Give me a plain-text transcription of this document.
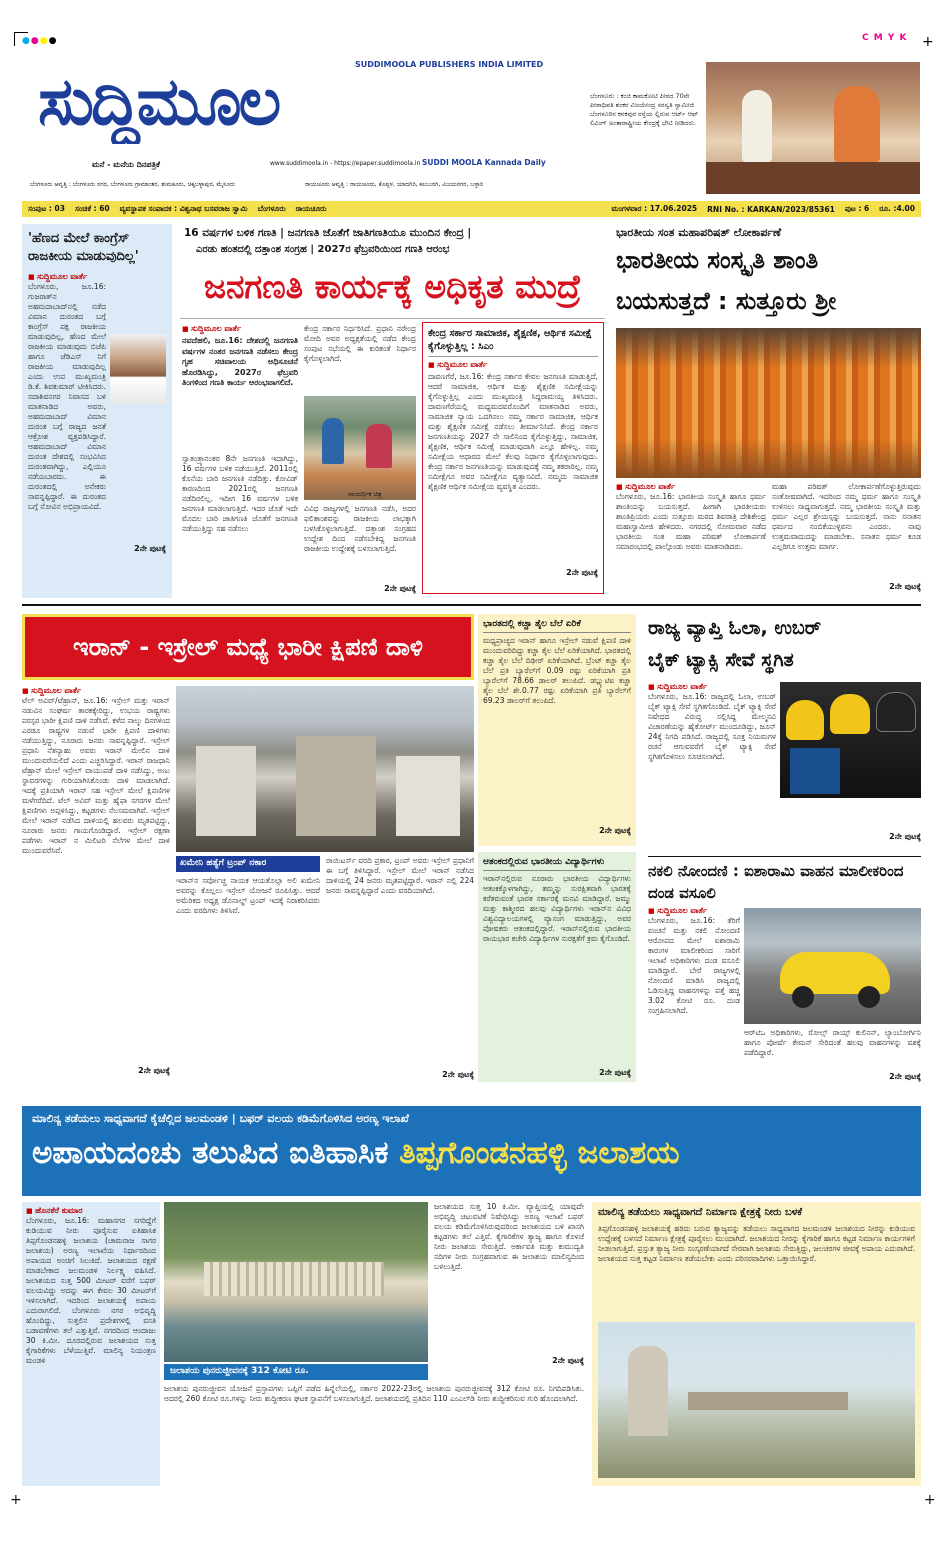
●●●●	C M Y K +
SUDDIMOOLA PUBLISHERS INDIA LIMITED
ಸುದ್ದಿಮೂಲ
ಮನೆ - ಮನೆಯ ದಿನಪತ್ರಿಕೆ	www.suddimoola.in - https://epaper.suddimoola.in SUDDI MOOLA Kannada Daily
ಬೆಂಗಳೂರು : ಕಂಚಿ ಕಾಮಕೋಟಿ ಪೀಠದ 70ನೇ ಪೀಠಾಧಿಪತಿ ಶಂಕರ ವಿಜಯೇಂದ್ರ ಸರಸ್ವತಿ ಸ್ವಾಮೀಜಿ ಬೆಂಗಳೂರಿನ ಕನಕಪುರ ರಸ್ತೆಯ ಲ್ಲಿರುವ ಆರ್ಟ್ ಆಫ್ ಲಿವಿಂಗ್ ಅಂತಾರಾಷ್ಟ್ರೀಯ ಕೇಂದ್ರಕ್ಕೆ ಭೇಟಿ ನೀಡಿದರು.
ಬೆಂಗಳೂರು ಆವೃತ್ತಿ : ಬೆಂಗಳೂರು ನಗರ, ಬೆಂಗಳೂರು ಗ್ರಾಮಾಂತರ, ತುಮಕೂರು, ಚಿಕ್ಕಬಳ್ಳಾಪುರ, ಮೈಸೂರು	ರಾಯಚೂರು ಆವೃತ್ತಿ : ರಾಯಚೂರು, ಕೊಪ್ಪಳ, ಯಾದಗಿರಿ, ಕಲಬುರಗಿ, ವಿಜಯನಗರ, ಬಳ್ಳಾರಿ
ಸಂಪುಟ : 03 ಸಂಚಿಕೆ : 60 ವ್ಯವಸ್ಥಾಪಕ ಸಂಪಾದಕ : ವಿಶ್ವನಾಥ ಬಸವರಾಜ ಸ್ವಾಮಿ ಬೆಂಗಳೂರು ರಾಯಚೂರು	ಮಂಗಳವಾರ : 17.06.2025 RNI No. : KARKAN/2023/85361 ಪುಟ : 6 ರೂ. :4.00
'ಹೆಣದ ಮೇಲೆ ಕಾಂಗ್ರೆಸ್ ರಾಜಕೀಯ ಮಾಡುವುದಿಲ್ಲ'
■ ಸುದ್ದಿಮೂಲ ವಾರ್ತೆ
ಬೆಂಗಳೂರು, ಜೂ.16: ಗುಜರಾತ್‌ನ ಅಹಮದಾಬಾದ್‌ನಲ್ಲಿ ನಡೆದ ವಿಮಾನ ದುರಂತದ ಬಗ್ಗೆ ಕಾಂಗ್ರೆಸ್ ಪಕ್ಷ ರಾಜಕೀಯ ಮಾಡುವುದಿಲ್ಲ, ಹೆಣದ ಮೇಲೆ ರಾಜಕೀಯ ಮಾಡುವುದು ಬಿಜೆಪಿ ಹಾಗೂ ಜೆಡಿಎಸ್ ನಿಗೆ ರಾಜಕೀಯ ಮಾಡುವುದಿಲ್ಲ ಎಂದು ಉಪ ಮುಖ್ಯಮಂತ್ರಿ ಡಿ.ಕೆ. ಶಿವಕುಮಾರ್ ಟೀಕಿಸಿದರು. ಸದಾಶಿವನಗರ ನಿವಾಸದ ಬಳಿ ಮಾತನಾಡಿದ ಅವರು, ಅಹಮದಾಬಾದ್ ವಿಮಾನ ದುರಂತ ಬಗ್ಗೆ ರಾಜ್ಯದ ಜನತೆ ಆಕ್ರೋಶ ವ್ಯಕ್ತಪಡಿಸಿದ್ದಾರೆ. ಆಹಮದಾಬಾದ್ ವಿಮಾನ ದುರಂತ ದೇಶದಲ್ಲಿ ಸಂಭವಿಸಿದ ದುರಂತವಾಗಿದ್ದು, ಎಲ್ಲಿಯೂ ನಡೆಯಬಾರದು. ಈ ದುರಂತದಲ್ಲಿ ಅನೇಕರು ಸಾವನ್ನಪ್ಪಿದ್ದಾರೆ. ಈ ದುರಂತದ ಬಗ್ಗೆ ನೋವಿನ ಅಭಿಪ್ರಾಯವಿದೆ.
2ನೇ ಪುಟಕ್ಕೆ
16 ವರ್ಷಗಳ ಬಳಿಕ ಗಣತಿ | ಜನಗಣತಿ ಜೊತೆಗೆ ಜಾತಿಗಣತಿಯೂ ಮುಂದಿನ ಕೇಂದ್ರ |
ಎರಡು ಹಂತದಲ್ಲಿ ದತ್ತಾಂಶ ಸಂಗ್ರಹ | 2027ರ ಫೆಬ್ರವರಿಯಿಂದ ಗಣತಿ ಆರಂಭ
ಜನಗಣತಿ ಕಾರ್ಯಕ್ಕೆ ಅಧಿಕೃತ ಮುದ್ರೆ
■ ಸುದ್ದಿಮೂಲ ವಾರ್ತೆ
ನವದೆಹಲಿ, ಜೂ.16: ದೇಶದಲ್ಲಿ ಜನಗಣತಿ ವರ್ಷಗಳ ನಂತರ ಜನಗಣತಿ ನಡೆಸಲು ಕೇಂದ್ರ ಗೃಹ ಸಚಿವಾಲಯ ಅಧಿಸೂಚನೆ ಹೊರಡಿಸಿದ್ದು, 2027ರ ಫೆಬ್ರವರಿ ತಿಂಗಳಿಂದ ಗಣತಿ ಕಾರ್ಯ ಆರಂಭವಾಗಲಿದೆ.
ಸ್ವಾತಂತ್ರ್ಯಾನಂತರ 8ನೇ ಜನಗಣತಿ ಇದಾಗಿದ್ದು, 16 ವರ್ಷಗಳ ಬಳಿಕ ನಡೆಯುತ್ತಿದೆ. 2011ರಲ್ಲಿ ಕೊನೆಯ ಬಾರಿ ಜನಗಣತಿ ನಡೆದಿತ್ತು. ಕೋವಿಡ್ ಕಾರಣದಿಂದ 2021ರಲ್ಲಿ ಜನಗಣತಿ ನಡೆದಿರಲಿಲ್ಲ. ಇದೀಗ 16 ವರ್ಷಗಳ ಬಳಿಕ ಜನಗಣತಿ ಮಾಡಲಾಗುತ್ತಿದೆ. ಇದರ ಜೊತೆ ಇದೇ ಮೊದಲ ಬಾರಿ ಜಾತಿಗಣತಿ ಜೊತೆಗೆ ಜನಗಣತಿ ನಡೆಯುತ್ತಿದ್ದು ಸಹ ನಡೆಸಲು
ಕೇಂದ್ರ ಸರ್ಕಾರ ನಿರ್ಧರಿಸಿದೆ. ಪ್ರಧಾನಿ ನರೇಂದ್ರ ಮೋದಿ ಅವರ ಅಧ್ಯಕ್ಷತೆಯಲ್ಲಿ ನಡೆದ ಕೇಂದ್ರ ಸಂಪುಟ ಸಭೆಯಲ್ಲಿ ಈ ಕುರಿತಂತೆ ನಿರ್ಧಾರ ಕೈಗೊಳ್ಳಲಾಗಿದೆ.
ಸಾಂದರ್ಭಿಕ ಚಿತ್ರ
ವಿವಿಧ ರಾಜ್ಯಗಳಲ್ಲಿ ಜನಗಣತಿ ನಡೆಸಿ, ಅದರ ಫಲಿತಾಂಶವನ್ನು ರಾಜಕೀಯ ಲಾಭಕ್ಕಾಗಿ ಬಳಸಿಕೊಳ್ಳಲಾಗುತ್ತಿದೆ. ದತ್ತಾಂಶ ಸಂಗ್ರಹದ ಉದ್ದೇಶ ದಿಂದ ನಡೆಸಬೇಕಿದ್ದ ಜನಗಣತಿ ರಾಜಕೀಯ ಉದ್ದೇಶಕ್ಕೆ ಬಳಸಲಾಗುತ್ತಿದೆ.
2ನೇ ಪುಟಕ್ಕೆ
ಕೇಂದ್ರ ಸರ್ಕಾರ ಸಾಮಾಜಿಕ, ಶೈಕ್ಷಣಿಕ, ಆರ್ಥಿಕ ಸಮೀಕ್ಷೆ ಕೈಗೊಳ್ಳುತ್ತಿಲ್ಲ : ಸಿಎಂ
■ ಸುದ್ದಿಮೂಲ ವಾರ್ತೆ
ದಾವಣಗೆರೆ, ಜೂ.16: ಕೇಂದ್ರ ಸರ್ಕಾರ ಕೇವಲ ಜನಗಣತಿ ಮಾಡುತ್ತಿದೆ, ಆದರೆ ಸಾಮಾಜಿಕ, ಆರ್ಥಿಕ ಮತ್ತು ಶೈಕ್ಷಣಿಕ ಸಮೀಕ್ಷೆಯನ್ನು ಕೈಗೊಳ್ಳುತ್ತಿಲ್ಲ ಎಂದು ಮುಖ್ಯಮಂತ್ರಿ ಸಿದ್ದರಾಮಯ್ಯ ತಿಳಿಸಿದರು. ದಾವಣಗೆರೆಯಲ್ಲಿ ಮಧ್ಯಮದವರೊಂದಿಗೆ ಮಾತನಾಡಿದ ಅವರು, ಸಾಮಾಜಿಕ ನ್ಯಾಯ ಒದಗಿಸಲು ನಮ್ಮ ಸರ್ಕಾರ ಸಾಮಾಜಿಕ, ಆರ್ಥಿಕ ಮತ್ತು ಶೈಕ್ಷಣಿಕ ಸಮೀಕ್ಷೆ ನಡೆಸಲು ತೀರ್ಮಾನಿಸಿದೆ. ಕೇಂದ್ರ ಸರ್ಕಾರ ಜನಗಣತಿಯನ್ನು 2027 ನೇ ಸಾಲಿನಿಂದ ಕೈಗೊಳ್ಳುತ್ತಿದ್ದು, ಸಾಮಾಜಿಕ, ಶೈಕ್ಷಣಿಕ, ಆರ್ಥಿಕ ಸಮೀಕ್ಷೆ ಮಾಡುವುದಾಗಿ ಎಲ್ಲೂ ಹೇಳಿಲ್ಲ. ನಮ್ಮ ಸಮೀಕ್ಷೆಯ ಆಧಾರದ ಮೇಲೆ ಕೆಲವು ನಿರ್ಧಾರ ಕೈಗೊಳ್ಳಲಾಗುವುದು. ಕೇಂದ್ರ ಸರ್ಕಾರ ಜನಗಣತಿಯನ್ನು ಮಾಡುವುದಕ್ಕೆ ನಮ್ಮ ತಕರಾರಿಲ್ಲ. ನಮ್ಮ ಸಮೀಕ್ಷೆಗೂ ಅವರ ಸಮೀಕ್ಷೆಗೂ ವ್ಯತ್ಯಾಸವಿದೆ. ನಮ್ಮದು ಸಾಮಾಜಿಕ ಶೈಕ್ಷಣಿಕ ಆರ್ಥಿಕ ಸಮೀಕ್ಷೆಯ ವ್ಯವಸ್ಥಿತ ಎಂದರು.
2ನೇ ಪುಟಕ್ಕೆ
ಭಾರತೀಯ ಸಂತ ಮಹಾಪರಿಷತ್ ಲೋಕಾರ್ಪಣೆ
ಭಾರತೀಯ ಸಂಸ್ಕೃತಿ ಶಾಂತಿ
ಬಯಸುತ್ತದೆ : ಸುತ್ತೂರು ಶ್ರೀ
■ ಸುದ್ದಿಮೂಲ ವಾರ್ತೆ
ಬೆಂಗಳೂರು, ಜೂ.16: ಭಾರತೀಯ ಸಂಸ್ಕೃತಿ ಹಾಗೂ ಧರ್ಮ ಶಾಂತಿಯನ್ನು ಬಯಸುತ್ತದೆ. ಹೀಗಾಗಿ ಭಾರತೀಯರು ಶಾಂತಿಪ್ರಿಯರು ಎಂದು ಸುತ್ತೂರು ಮಠದ ಶಿವರಾತ್ರಿ ದೇಶಿಕೇಂದ್ರ ಮಹಾಸ್ವಾಮೀಜಿ ಹೇಳಿದರು. ನಗರದಲ್ಲಿ ಸೋಮವಾರ ನಡೆದ ಭಾರತೀಯ ಸಂತ ಮಹಾ ಪರಿಷತ್ ಲೋಕಾರ್ಪಣೆ ಸಮಾರಂಭದಲ್ಲಿ ಪಾಲ್ಗೊಂಡು ಅವರು ಮಾತನಾಡಿದರು.
ಮಹಾ ಪರಿಷತ್ ಲೋಕಾರ್ಪಣೆಗೊಳ್ಳುತ್ತಿರುವುದು ಸಂತೋಷವಾಗಿದೆ. ಇದರಿಂದ ನಮ್ಮ ಧರ್ಮ ಹಾಗೂ ಸಂಸ್ಕೃತಿ ಉಳಿಸಲು ಸಾಧ್ಯವಾಗುತ್ತದೆ. ನಮ್ಮ ಭಾರತೀಯ ಸಂಸ್ಕೃತಿ ಮತ್ತು ಧರ್ಮ ಎಲ್ಲರ ಶ್ರೇಯಸ್ಸನ್ನು ಬಯಸುತ್ತದೆ. ನಾನು ಸನಾತನ ಧರ್ಮದ ನಂಬಿಕೆಯುಳ್ಳವನು ಎಂದರು. ನಾವು ಉತ್ತಮವಾದುದನ್ನು ಮಾಡಬೇಕು. ಸನಾತನ ಧರ್ಮ ಕೂಡ ಎಲ್ಲರಿಗೂ ಉತ್ತಮ ಮಾರ್ಗ.
2ನೇ ಪುಟಕ್ಕೆ
ಇರಾನ್ - ಇಸ್ರೇಲ್ ಮಧ್ಯೆ ಭಾರೀ ಕ್ಷಿಪಣಿ ದಾಳಿ
■ ಸುದ್ದಿಮೂಲ ವಾರ್ತೆ
ಟೆಲ್ ಅವಿವ್/ಟೆಹ್ರಾನ್, ಜೂ.16: ಇಸ್ರೇಲ್ ಮತ್ತು ಇರಾನ್ ನಡುವಿನ ಸಂಘರ್ಷ ತಾರಕಕ್ಕೇರಿದ್ದು, ಉಭಯ ರಾಷ್ಟ್ರಗಳು ಪರಸ್ಪರ ಭಾರೀ ಕ್ಷಿಪಣಿ ದಾಳಿ ನಡೆಸಿವೆ. ಕಳೆದ ನಾಲ್ಕು ದಿನಗಳಿಂದ ಎರಡೂ ರಾಷ್ಟ್ರಗಳ ನಡುವೆ ಭಾರೀ ಕ್ಷಿಪಣಿ ದಾಳಿಗಳು ನಡೆಯುತ್ತಿದ್ದು, ನೂರಾರು ಜನರು ಸಾವನ್ನಪ್ಪಿದ್ದಾರೆ. ಇಸ್ರೇಲ್ ಪ್ರಧಾನಿ ನೆತನ್ಯಾಹು ಅವರು ಇರಾನ್ ಮೇಲಿನ ದಾಳಿ ಮುಂದುವರೆಯಲಿದೆ ಎಂದು ಎಚ್ಚರಿಸಿದ್ದಾರೆ. ಇರಾನ್ ರಾಜಧಾನಿ ಟೆಹ್ರಾನ್ ಮೇಲೆ ಇಸ್ರೇಲ್ ವಾಯುಪಡೆ ದಾಳಿ ನಡೆಸಿದ್ದು, ಅಣು ಸ್ಥಾವರಗಳನ್ನು ಗುರಿಯಾಗಿಸಿಕೊಂಡು ದಾಳಿ ಮಾಡಲಾಗಿದೆ. ಇದಕ್ಕೆ ಪ್ರತಿಯಾಗಿ ಇರಾನ್ ಸಹ ಇಸ್ರೇಲ್ ಮೇಲೆ ಕ್ಷಿಪಣಿಗಳ ಮಳೆಗರೆದಿದೆ. ಟೆಲ್ ಅವಿವ್ ಮತ್ತು ಹೈಫಾ ನಗರಗಳ ಮೇಲೆ ಕ್ಷಿಪಣಿಗಳು ಅಪ್ಪಳಿಸಿದ್ದು, ಕಟ್ಟಡಗಳು ನೆಲಸಮವಾಗಿವೆ. ಇಸ್ರೇಲ್ ಮೇಲೆ ಇರಾನ್ ನಡೆಸಿದ ದಾಳಿಯಲ್ಲಿ ಹಲವರು ಮೃತಪಟ್ಟಿದ್ದು, ನೂರಾರು ಜನರು ಗಾಯಗೊಂಡಿದ್ದಾರೆ. ಇಸ್ರೇಲ್ ರಕ್ಷಣಾ ಪಡೆಗಳು ಇರಾನ್ ನ ಮಿಲಿಟರಿ ನೆಲೆಗಳ ಮೇಲೆ ದಾಳಿ ಮುಂದುವರೆಸಿವೆ.
2ನೇ ಪುಟಕ್ಕೆ
ಖಮೇನಿ ಹತ್ಯೆಗೆ ಟ್ರಂಪ್ ನಕಾರ
ಇರಾನ್‌ನ ಸರ್ವೋಚ್ಚ ನಾಯಕ ಆಯತೊಲ್ಲಾ ಅಲಿ ಖಮೇನಿ ಅವರನ್ನು ಕೊಲ್ಲಲು ಇಸ್ರೇಲ್ ಯೋಜನೆ ರೂಪಿಸಿತ್ತು. ಆದರೆ ಅಮೆರಿಕದ ಅಧ್ಯಕ್ಷ ಡೊನಾಲ್ಡ್ ಟ್ರಂಪ್ ಇದಕ್ಕೆ ನಿರಾಕರಿಸಿದರು ಎಂದು ವರದಿಗಳು ತಿಳಿಸಿವೆ.
ರಾಯಿಟರ್ಸ್ ವರದಿ ಪ್ರಕಾರ, ಟ್ರಂಪ್ ಅವರು ಇಸ್ರೇಲ್ ಪ್ರಧಾನಿಗೆ ಈ ಬಗ್ಗೆ ತಿಳಿಸಿದ್ದಾರೆ. ಇಸ್ರೇಲ್ ಮೇಲೆ ಇರಾನ್ ನಡೆಸಿದ ದಾಳಿಯಲ್ಲಿ 24 ಜನರು ಮೃತಪಟ್ಟಿದ್ದಾರೆ. ಇರಾನ್ ನಲ್ಲಿ 224 ಜನರು ಸಾವನ್ನಪ್ಪಿದ್ದಾರೆ ಎಂದು ವರದಿಯಾಗಿದೆ.
2ನೇ ಪುಟಕ್ಕೆ
ಭಾರತದಲ್ಲಿ ಕಚ್ಚಾ ತೈಲ ಬೆಲೆ ಏರಿಕೆ
ಮಧ್ಯಪ್ರಾಚ್ಯದ ಇರಾನ್ ಹಾಗೂ ಇಸ್ರೇಲ್ ನಡುವೆ ಕ್ಷಿಪಣಿ ದಾಳಿ ಮುಂದುವರಿದಿದ್ದು ಕಚ್ಚಾ ತೈಲ ಬೆಲೆ ಏರಿಕೆಯಾಗಿದೆ. ಭಾರತದಲ್ಲಿ ಕಚ್ಚಾ ತೈಲ ಬೆಲೆ ದಿಢೀರ್ ಏರಿಕೆಯಾಗಿದೆ. ಬ್ರೆಂಟ್ ಕಚ್ಚಾ ತೈಲ ಬೆಲೆ ಪ್ರತಿ ಬ್ಯಾರೆಲ್‌ಗೆ 0.09 ರಷ್ಟು ಏರಿಕೆಯಾಗಿ ಪ್ರತಿ ಬ್ಯಾರೆಲ್‌ಗೆ 78.66 ಡಾಲರ್ ತಲುಪಿದೆ. ಡಬ್ಲ್ಯುಟಿಐ ಕಚ್ಚಾ ತೈಲ ಬೆಲೆ ಶೇ.0.77 ರಷ್ಟು ಏರಿಕೆಯಾಗಿ ಪ್ರತಿ ಬ್ಯಾರೆಲ್‌ಗೆ 69.23 ಡಾಲರ್‌ಗೆ ತಲುಪಿದೆ.
2ನೇ ಪುಟಕ್ಕೆ
ಆತಂಕದಲ್ಲಿರುವ ಭಾರತೀಯ ವಿದ್ಯಾರ್ಥಿಗಳು
ಇರಾನ್‌ನಲ್ಲಿರುವ ನೂರಾರು ಭಾರತೀಯ ವಿದ್ಯಾರ್ಥಿಗಳು ಆತಂಕಕ್ಕೊಳಗಾಗಿದ್ದು, ತಮ್ಮನ್ನು ಸುರಕ್ಷಿತವಾಗಿ ಭಾರತಕ್ಕೆ ಕರೆತರುವಂತೆ ಭಾರತ ಸರ್ಕಾರಕ್ಕೆ ಮನವಿ ಮಾಡಿದ್ದಾರೆ. ಜಮ್ಮು ಮತ್ತು ಕಾಶ್ಮೀರದ ಹಲವು ವಿದ್ಯಾರ್ಥಿಗಳು ಇರಾನ್‌ನ ವಿವಿಧ ವಿಶ್ವವಿದ್ಯಾಲಯಗಳಲ್ಲಿ ವ್ಯಾಸಂಗ ಮಾಡುತ್ತಿದ್ದು, ಅವರ ಪೋಷಕರು ಆತಂಕದಲ್ಲಿದ್ದಾರೆ. ಇರಾನ್‌ನಲ್ಲಿರುವ ಭಾರತೀಯ ರಾಯಭಾರ ಕಚೇರಿ ವಿದ್ಯಾರ್ಥಿಗಳ ಸುರಕ್ಷತೆಗೆ ಕ್ರಮ ಕೈಗೊಂಡಿದೆ.
2ನೇ ಪುಟಕ್ಕೆ
ರಾಜ್ಯ ವ್ಯಾಪ್ತಿ ಓಲಾ, ಉಬರ್
ಬೈಕ್ ಟ್ಯಾಕ್ಸಿ ಸೇವೆ ಸ್ಥಗಿತ
■ ಸುದ್ದಿಮೂಲ ವಾರ್ತೆ
ಬೆಂಗಳೂರು, ಜೂ.16: ರಾಜ್ಯದಲ್ಲಿ ಓಲಾ, ಉಬರ್ ಬೈಕ್ ಟ್ಯಾಕ್ಸಿ ಸೇವೆ ಸ್ಥಗಿತಗೊಂಡಿದೆ. ಬೈಕ್ ಟ್ಯಾಕ್ಸಿ ಸೇವೆ ನಿಷೇಧದ ವಿರುದ್ಧ ಸಲ್ಲಿಸಿದ್ದ ಮೇಲ್ಮನವಿ ವಿಚಾರಣೆಯನ್ನು ಹೈಕೋರ್ಟ್ ಮುಂದೂಡಿದ್ದು, ಜೂನ್ 24ಕ್ಕೆ ನಿಗದಿ ಪಡಿಸಿದೆ. ರಾಜ್ಯದಲ್ಲಿ ಸೂಕ್ತ ನಿಯಮಗಳ ರಚನೆ ಆಗುವವರೆಗೆ ಬೈಕ್ ಟ್ಯಾಕ್ಸಿ ಸೇವೆ ಸ್ಥಗಿತಗೊಳಿಸಲು ಸೂಚಿಸಲಾಗಿದೆ.
2ನೇ ಪುಟಕ್ಕೆ
ನಕಲಿ ನೋಂದಣಿ : ಐಶಾರಾಮಿ ವಾಹನ ಮಾಲೀಕರಿಂದ ದಂಡ ವಸೂಲಿ
■ ಸುದ್ದಿಮೂಲ ವಾರ್ತೆ
ಬೆಂಗಳೂರು, ಜೂ.16: ತೆರಿಗೆ ವಂಚನೆ ಮತ್ತು ನಕಲಿ ನೋಂದಣಿ ಆರೋಪದ ಮೇಲೆ ಐಶಾರಾಮಿ ಕಾರುಗಳ ಮಾಲೀಕರಿಂದ ಸಾರಿಗೆ ಇಲಾಖೆ ಅಧಿಕಾರಿಗಳು ದಂಡ ವಸೂಲಿ ಮಾಡಿದ್ದಾರೆ. ಬೇರೆ ರಾಜ್ಯಗಳಲ್ಲಿ ನೋಂದಣಿ ಮಾಡಿಸಿ ರಾಜ್ಯದಲ್ಲಿ ಓಡಿಸುತ್ತಿದ್ದ ವಾಹನಗಳನ್ನು ಪತ್ತೆ ಹಚ್ಚಿ 3.02 ಕೋಟಿ ರೂ. ದಂಡ ಸಂಗ್ರಹಿಸಲಾಗಿದೆ.
ಆರ್‌ಟಿಒ ಅಧಿಕಾರಿಗಳು, ರೋಲ್ಸ್ ರಾಯ್ಸ್ ಕುಲಿನನ್, ಲ್ಯಾಂಬೋರ್ಗಿನಿ ಹಾಗೂ ಪೋರ್ಷೆ ಕೇಮನ್ ಸೇರಿದಂತೆ ಹಲವು ವಾಹನಗಳನ್ನು ವಶಕ್ಕೆ ಪಡೆದಿದ್ದಾರೆ.
2ನೇ ಪುಟಕ್ಕೆ
ಮಾಲಿನ್ಯ ತಡೆಯಲು ಸಾಧ್ಯವಾಗದೆ ಕೈಚೆಲ್ಲಿದ ಜಲಮಂಡಳಿ | ಬಫರ್ ವಲಯ ಕಡಿಮೆಗೊಳಿಸಿದ ಅರಣ್ಯ ಇಲಾಖೆ
ಅಪಾಯದಂಚು ತಲುಪಿದ ಐತಿಹಾಸಿಕ ತಿಪ್ಪಗೊಂಡನಹಳ್ಳಿ ಜಲಾಶಯ
■ ಹೊನಕೆರೆ ಕುಮಾರ
ಬೆಂಗಳೂರು, ಜೂ.16: ಮಹಾನಗರ ಸಗರಿದ್ದೆಗೆ ಕುಡಿಯುವ ನೀರು ಪೂರೈಸುವ ಐತಿಹಾಸಿಕ ತಿಪ್ಪಗೊಂಡನಹಳ್ಳಿ ಜಲಾಶಯ (ಚಾಮರಾಜ ಸಾಗರ ಜಲಾಶಯ) ಅರಣ್ಯ ಇಲಾಖೆಯ ನಿರ್ಧಾರದಿಂದ ಅಪಾಯದ ಅಂಚಿಗೆ ಸಿಲುಕಿದೆ. ಜಲಾಶಯದ ರಕ್ಷಣೆ ಮಾಡಬೇಕಾದ ಜಲಮಂಡಳಿ ನಿರ್ಲಕ್ಷ್ಯ ವಹಿಸಿದೆ. ಜಲಾಶಯದ ಸುತ್ತ 500 ಮೀಟರ್ ವರೆಗೆ ಬಫರ್ ವಲಯವಿದ್ದು ಅದನ್ನು ಈಗ ಕೇವಲ 30 ಮೀಟರ್‌ಗೆ ಇಳಿಸಲಾಗಿದೆ. ಇದರಿಂದ ಜಲಾಶಯಕ್ಕೆ ಅಪಾಯ ಎದುರಾಗಲಿದೆ. ಬೆಂಗಳೂರು ನಗರ ಅಭಿವೃದ್ಧಿ ಹೊಂದಿದ್ದು, ಸುತ್ತಲಿನ ಪ್ರದೇಶಗಳಲ್ಲಿ ವಸತಿ ಬಡಾವಣೆಗಳು ತಲೆ ಎತ್ತುತ್ತಿವೆ. ನಗರದಿಂದ ಆಂದಾಜು 30 ಕಿ.ಮೀ. ದೂರದಲ್ಲಿರುವ ಜಲಾಶಯದ ಸುತ್ತ ಕೈಗಾರಿಕೆಗಳು ಬೆಳೆಯುತ್ತಿವೆ. ಮಾಲಿನ್ಯ ನಿಯಂತ್ರಣ ಮಂಡಳಿ
ಜಲಾಶಯ ಪುನರುಜ್ಜೀವನಕ್ಕೆ 312 ಕೋಟಿ ರೂ.
ಜಲಾಶಯದ ಸುತ್ತ 10 ಕಿ.ಮೀ. ವ್ಯಾಪ್ತಿಯಲ್ಲಿ ಯಾವುದೇ ಅಭಿವೃದ್ಧಿ ಚಟುವಟಿಕೆ ನಿಷೇಧಿಸಿದ್ದು ಅರಣ್ಯ ಇಲಾಖೆ ಬಫರ್ ವಲಯ ಕಡಿಮೆಗೊಳಿಸಿರುವುದರಿಂದ ಜಲಾಶಯದ ಬಳಿ ಖಾಸಗಿ ಕಟ್ಟಡಗಳು ತಲೆ ಎತ್ತಿವೆ. ಕೈಗಾರಿಕೆಗಳ ತ್ಯಾಜ್ಯ ಹಾಗೂ ಕೊಳಚೆ ನೀರು ಜಲಾಶಯ ಸೇರುತ್ತಿದೆ. ಅರ್ಕಾವತಿ ಮತ್ತು ಕುಮುದ್ವತಿ ನದಿಗಳ ನೀರು ಸಂಗ್ರಹವಾಗುವ ಈ ಜಲಾಶಯ ಮಾಲಿನ್ಯದಿಂದ ಬಳಲುತ್ತಿದೆ.
2ನೇ ಪುಟಕ್ಕೆ
ಜಲಾಶಯ ಪುನರುಜ್ಜೀವನ ಯೋಜನೆ ಪ್ರಸ್ತಾಪಗಳು ಒಪ್ಪಿಗೆ ಪಡೆದ ಹಿನ್ನೆಲೆಯಲ್ಲಿ, ಸರ್ಕಾರ 2022-23ರಲ್ಲಿ ಜಲಾಶಯ ಪುನರುಜ್ಜೀವನಕ್ಕೆ 312 ಕೋಟಿ ರೂ. ನಿಗದಿಪಡಿಸಿತು. ಅದರಲ್ಲಿ 260 ಕೋಟಿ ರೂ.ಗಳನ್ನು ನೀರು ಶುದ್ಧೀಕರಣ ಘಟಕ ಸ್ಥಾಪನೆಗೆ ಬಳಸಲಾಗುತ್ತಿದೆ. ಜಲಾಶಯದಲ್ಲಿ ಪ್ರತಿದಿನ 110 ಎಂಎಲ್‌ಡಿ ನೀರು ಶುದ್ಧೀಕರಿಸುವ ಗುರಿ ಹೊಂದಲಾಗಿದೆ.
ಮಾಲಿನ್ಯ ತಡೆಯಲು ಸಾಧ್ಯವಾಗದೆ ನಿರ್ಮಾಣ ಕ್ಷೇತ್ರಕ್ಕೆ ನೀರು ಬಳಕೆ
ತಿಪ್ಪಗೊಂಡನಹಳ್ಳಿ ಜಲಾಶಯಕ್ಕೆ ಹರಿದು ಬರುವ ತ್ಯಾಜ್ಯವನ್ನು ತಡೆಯಲು ಸಾಧ್ಯವಾಗದ ಜಲಮಂಡಳಿ ಜಲಾಶಯದ ನೀರನ್ನು ಕುಡಿಯುವ ಉದ್ದೇಶಕ್ಕೆ ಬಳಸದೆ ನಿರ್ಮಾಣ ಕ್ಷೇತ್ರಕ್ಕೆ ಪೂರೈಸಲು ಮುಂದಾಗಿದೆ. ಜಲಾಶಯದ ನೀರನ್ನು ಕೈಗಾರಿಕೆ ಹಾಗೂ ಕಟ್ಟಡ ನಿರ್ಮಾಣ ಕಾರ್ಯಗಳಿಗೆ ನೀಡಲಾಗುತ್ತಿದೆ. ಪ್ರಸ್ತುತ ತ್ಯಾಜ್ಯ ನೀರು ಸಂಸ್ಕರಣೆಯಾಗದೆ ನೇರವಾಗಿ ಜಲಾಶಯ ಸೇರುತ್ತಿದ್ದು, ಜಲಚರಗಳ ಜೀವಕ್ಕೆ ಅಪಾಯ ಎದುರಾಗಿದೆ. ಜಲಾಶಯದ ಸುತ್ತ ಕಟ್ಟಡ ನಿರ್ಮಾಣ ತಡೆಯಬೇಕು ಎಂದು ಪರಿಸರವಾದಿಗಳು ಒತ್ತಾಯಿಸಿದ್ದಾರೆ.
+	+
